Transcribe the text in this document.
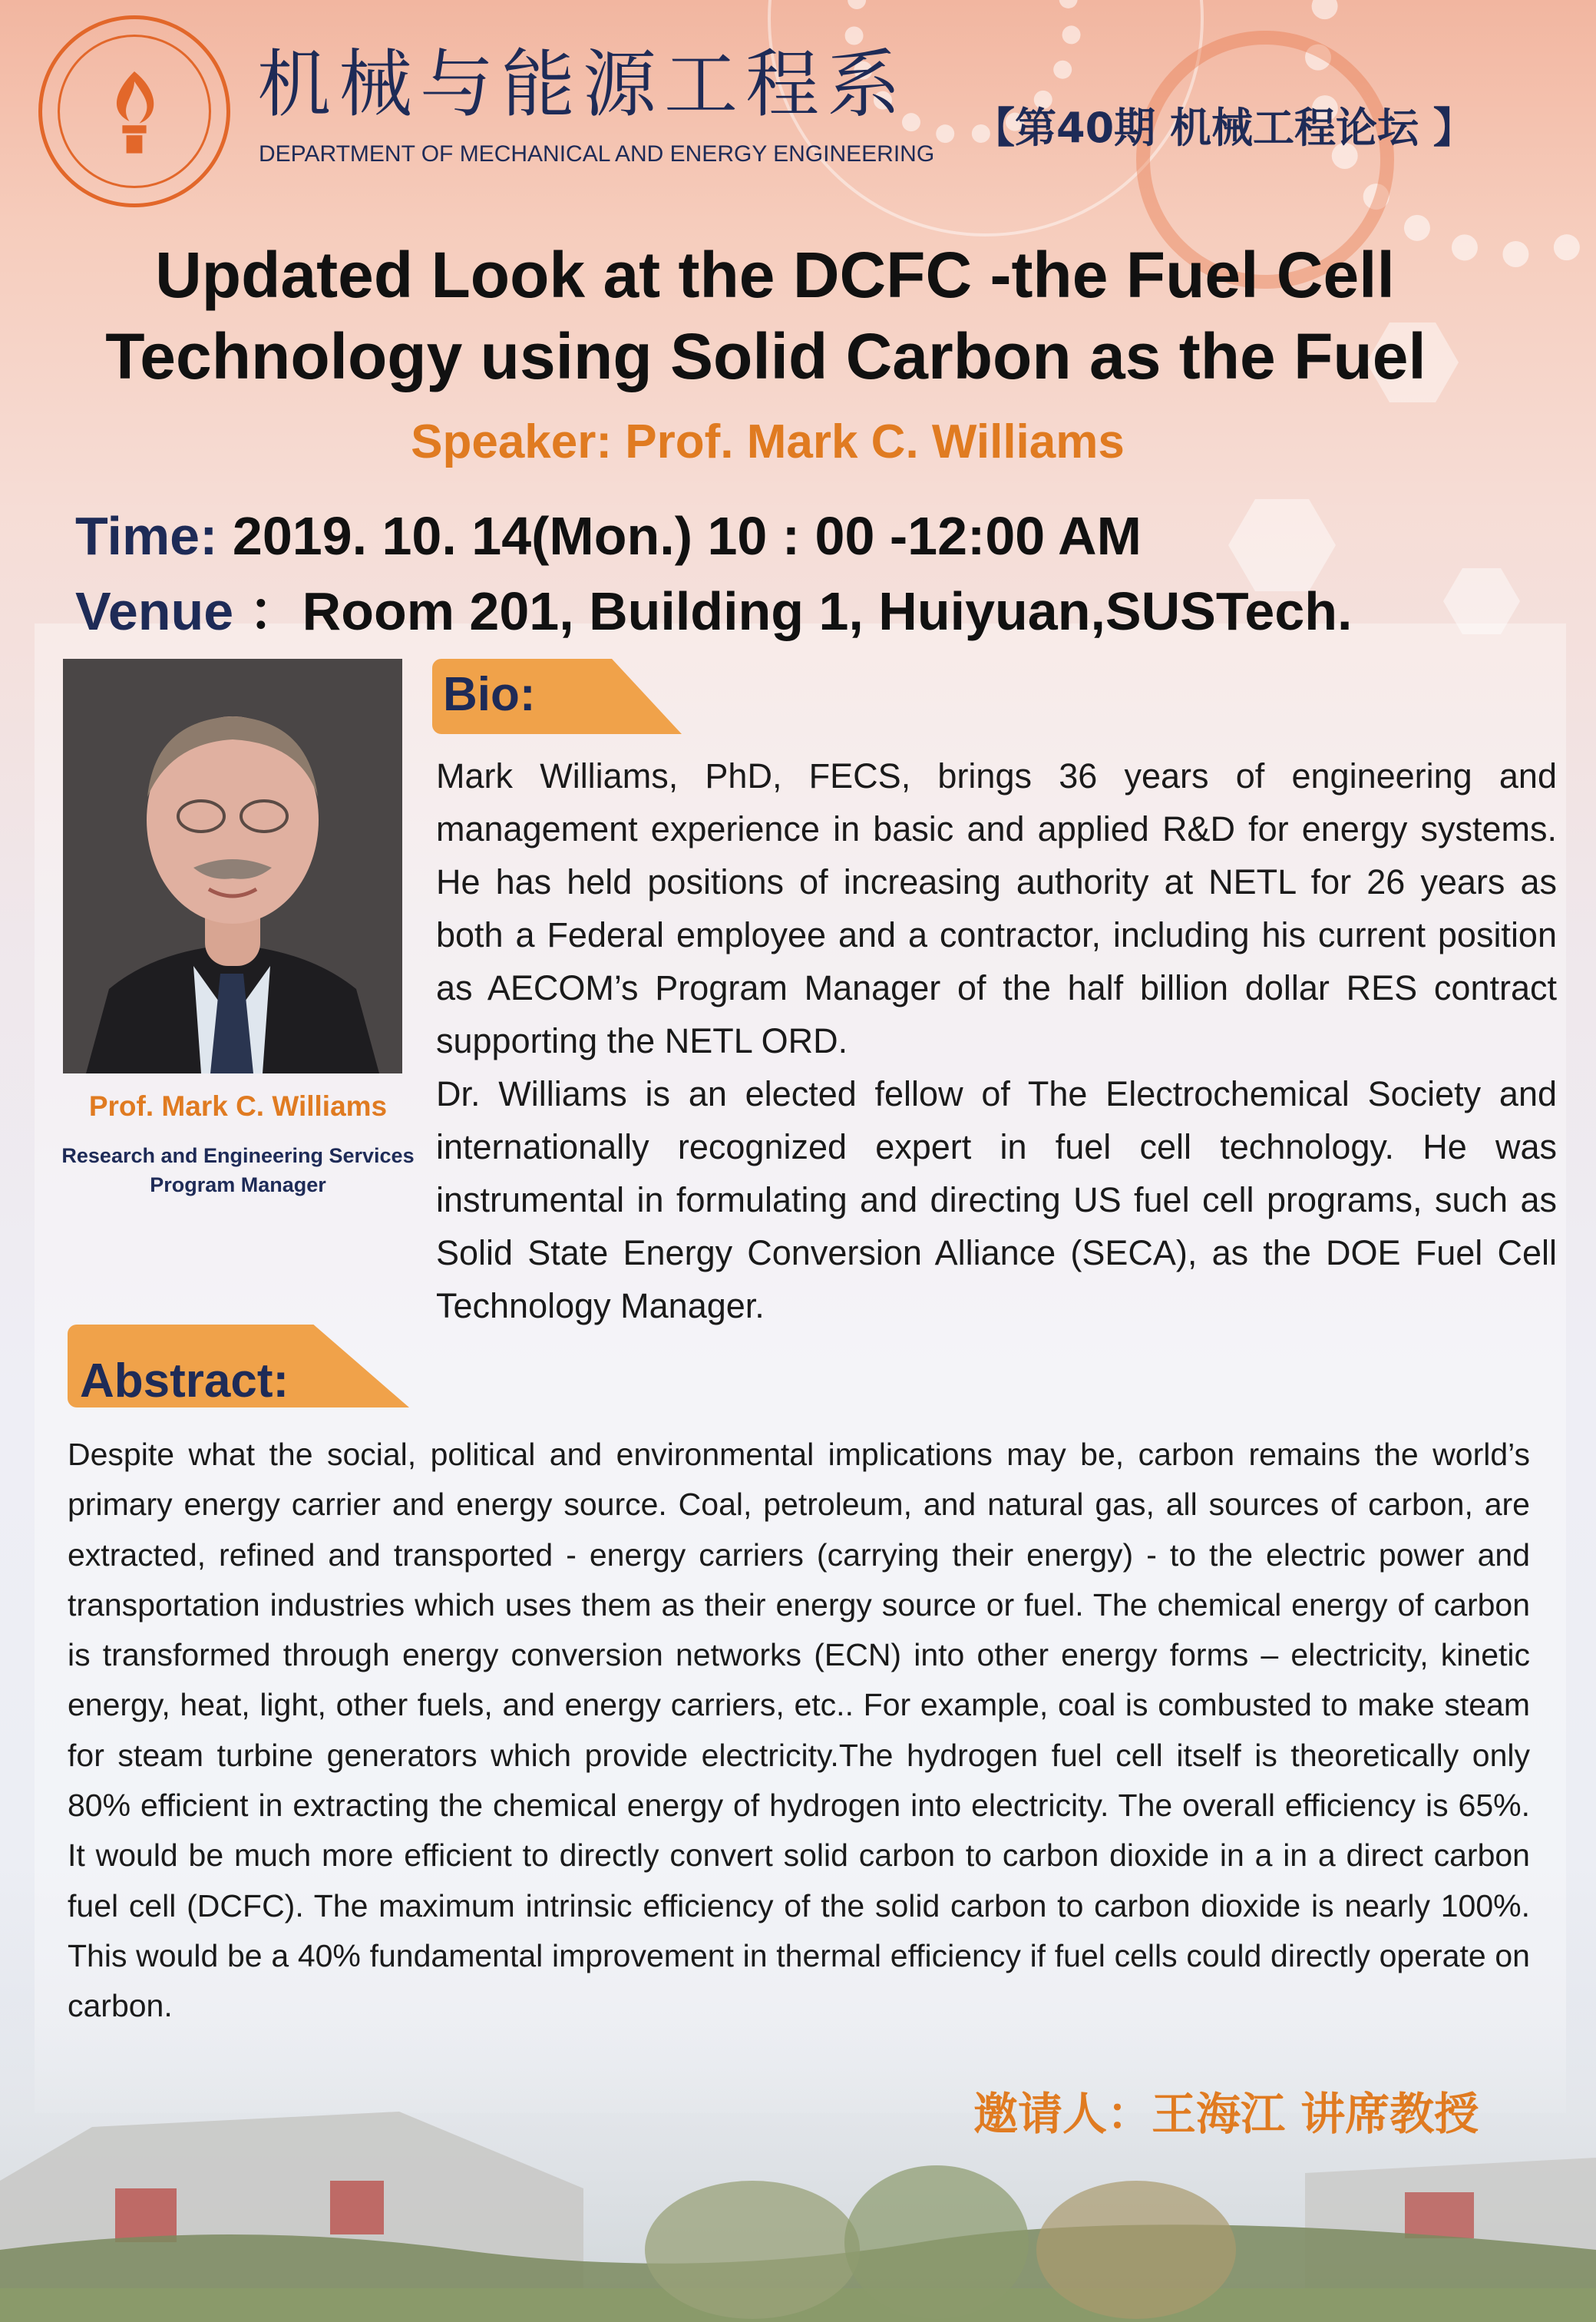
机械与能源工程系
DEPARTMENT OF MECHANICAL AND ENERGY ENGINEERING
【第40期 机械工程论坛 】
Updated Look at the DCFC -the Fuel Cell
Technology using Solid Carbon as the Fuel
Speaker: Prof. Mark C. Williams
Time: 2019. 10. 14(Mon.) 10 : 00 -12:00 AM
Venue ：Room 201, Building 1, Huiyuan,SUSTech.
Prof. Mark C. Williams
Research and Engineering Services
Program Manager
Bio:

Mark Williams, PhD, FECS, brings 36 years of engineering and management experience in basic and applied R&D for energy systems. He has held positions of increasing authority at NETL for 26 years as both a Federal employee and a contractor, including his current position as AECOM’s Program Manager of the half billion dollar RES contract supporting the NETL ORD.

Dr. Williams is an elected fellow of The Electrochemical Society and internationally recognized expert in fuel cell technology. He was instrumental in formulating and directing US fuel cell programs, such as Solid State Energy Conversion Alliance (SECA), as the DOE Fuel Cell Technology Manager.

Abstract:
Despite what the social, political and environmental implications may be, carbon remains the world’s primary energy carrier and energy source. Coal, petroleum, and natural gas, all sources of carbon, are extracted, refined and transported - energy carriers (carrying their energy) - to the electric power and transportation industries which uses them as their energy source or fuel. The chemical energy of carbon is transformed through energy conversion networks (ECN) into other energy forms – electricity, kinetic energy, heat, light, other fuels, and energy carriers, etc.. For example, coal is combusted to make steam for steam turbine generators which provide electricity.The hydrogen fuel cell itself is theoretically only 80% efficient in extracting the chemical energy of hydrogen into electricity. The overall efficiency is 65%. It would be much more efficient to directly convert solid carbon to carbon dioxide in a in a direct carbon fuel cell (DCFC). The maximum intrinsic efficiency of the solid carbon to carbon dioxide is nearly 100%. This would be a 40% fundamental improvement in thermal efficiency if fuel cells could directly operate on carbon.
邀请人：王海江 讲席教授
